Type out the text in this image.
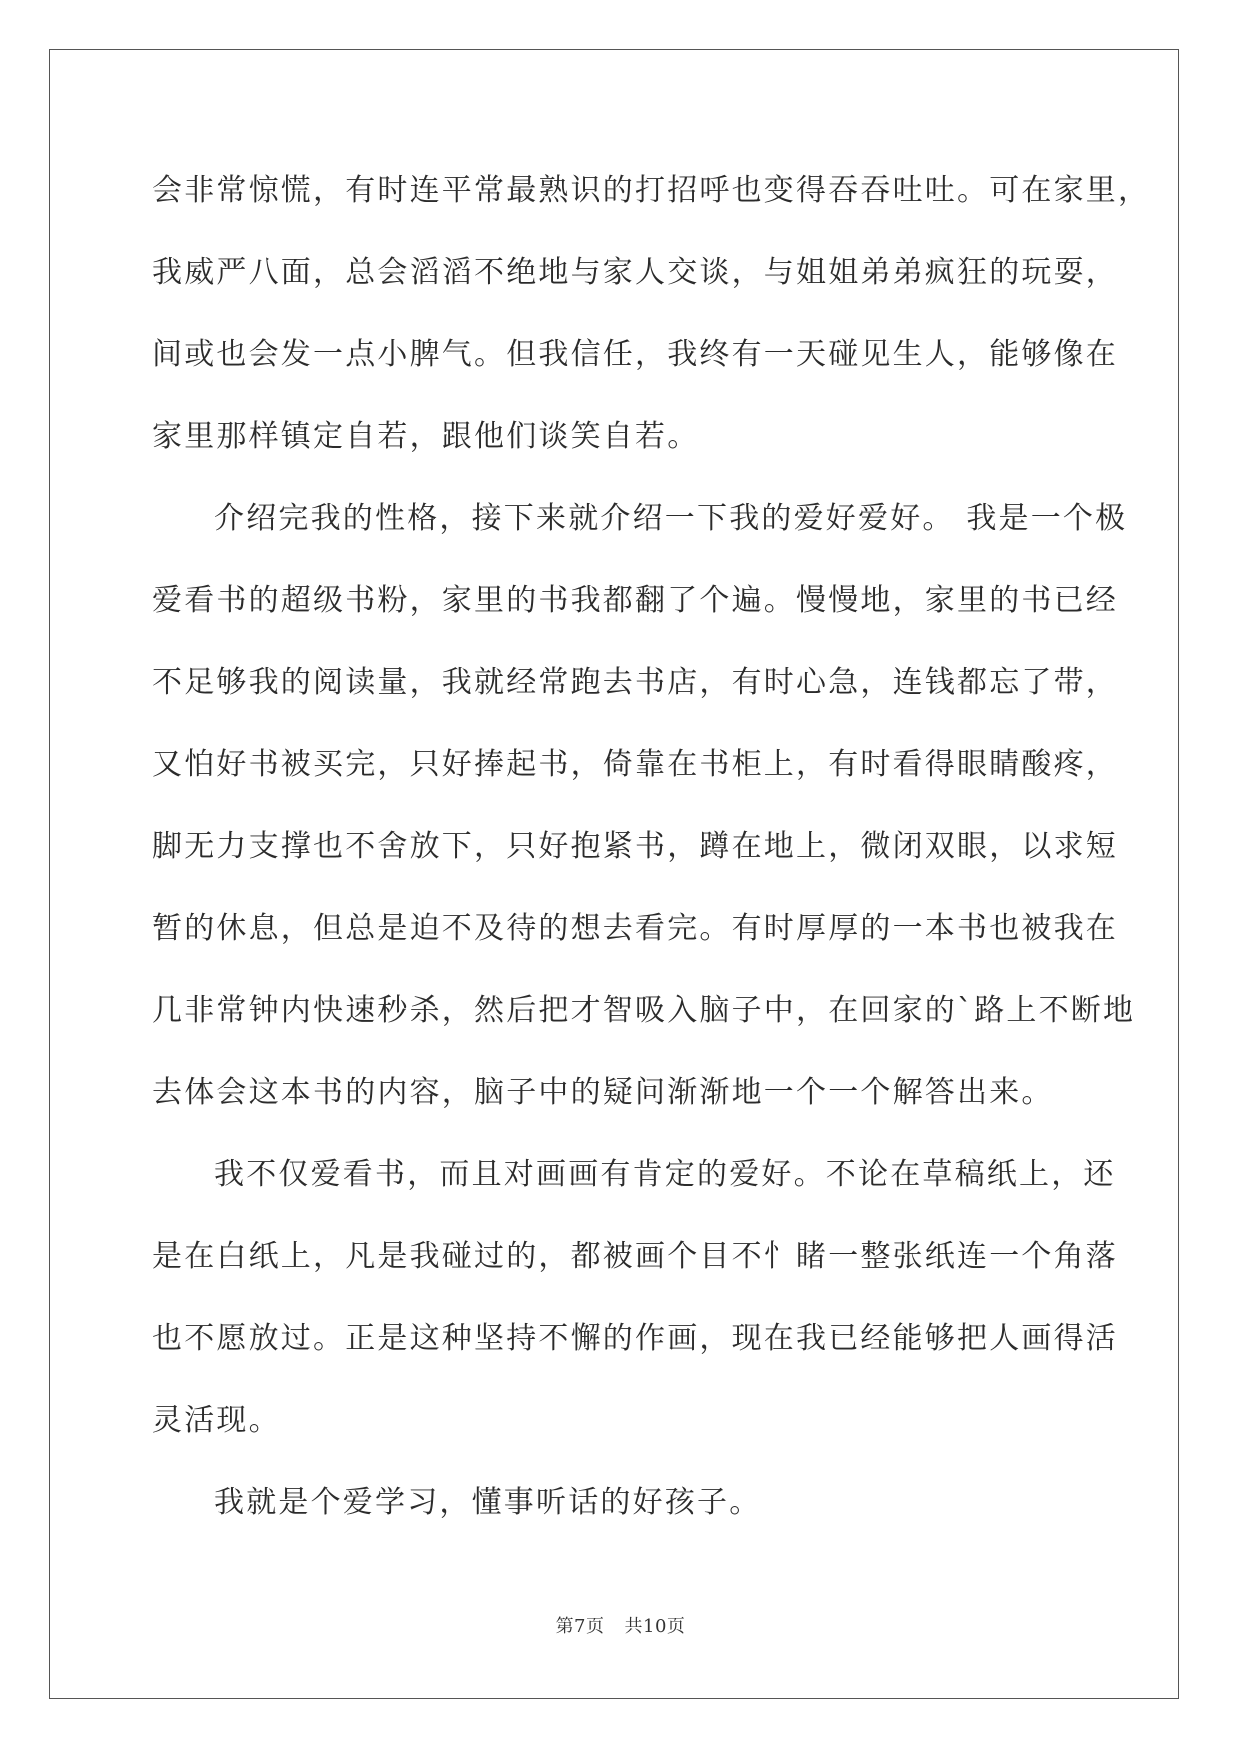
会非常惊慌，有时连平常最熟识的打招呼也变得吞吞吐吐。可在家里，
我威严八面，总会滔滔不绝地与家人交谈，与姐姐弟弟疯狂的玩耍，
间或也会发一点小脾气。但我信任，我终有一天碰见生人，能够像在
家里那样镇定自若，跟他们谈笑自若。
介绍完我的性格，接下来就介绍一下我的爱好爱好。 我是一个极
爱看书的超级书粉，家里的书我都翻了个遍。慢慢地，家里的书已经
不足够我的阅读量，我就经常跑去书店，有时心急，连钱都忘了带，
又怕好书被买完，只好捧起书，倚靠在书柜上，有时看得眼睛酸疼，
脚无力支撑也不舍放下，只好抱紧书，蹲在地上，微闭双眼，以求短
暂的休息，但总是迫不及待的想去看完。有时厚厚的一本书也被我在
几非常钟内快速秒杀，然后把才智吸入脑子中，在回家的`路上不断地
去体会这本书的内容，脑子中的疑问渐渐地一个一个解答出来。
我不仅爱看书，而且对画画有肯定的爱好。不论在草稿纸上，还
是在白纸上，凡是我碰过的，都被画个目不忄睹一整张纸连一个角落
也不愿放过。正是这种坚持不懈的作画，现在我已经能够把人画得活
灵活现。
我就是个爱学习，懂事听话的好孩子。
第7页 共10页
